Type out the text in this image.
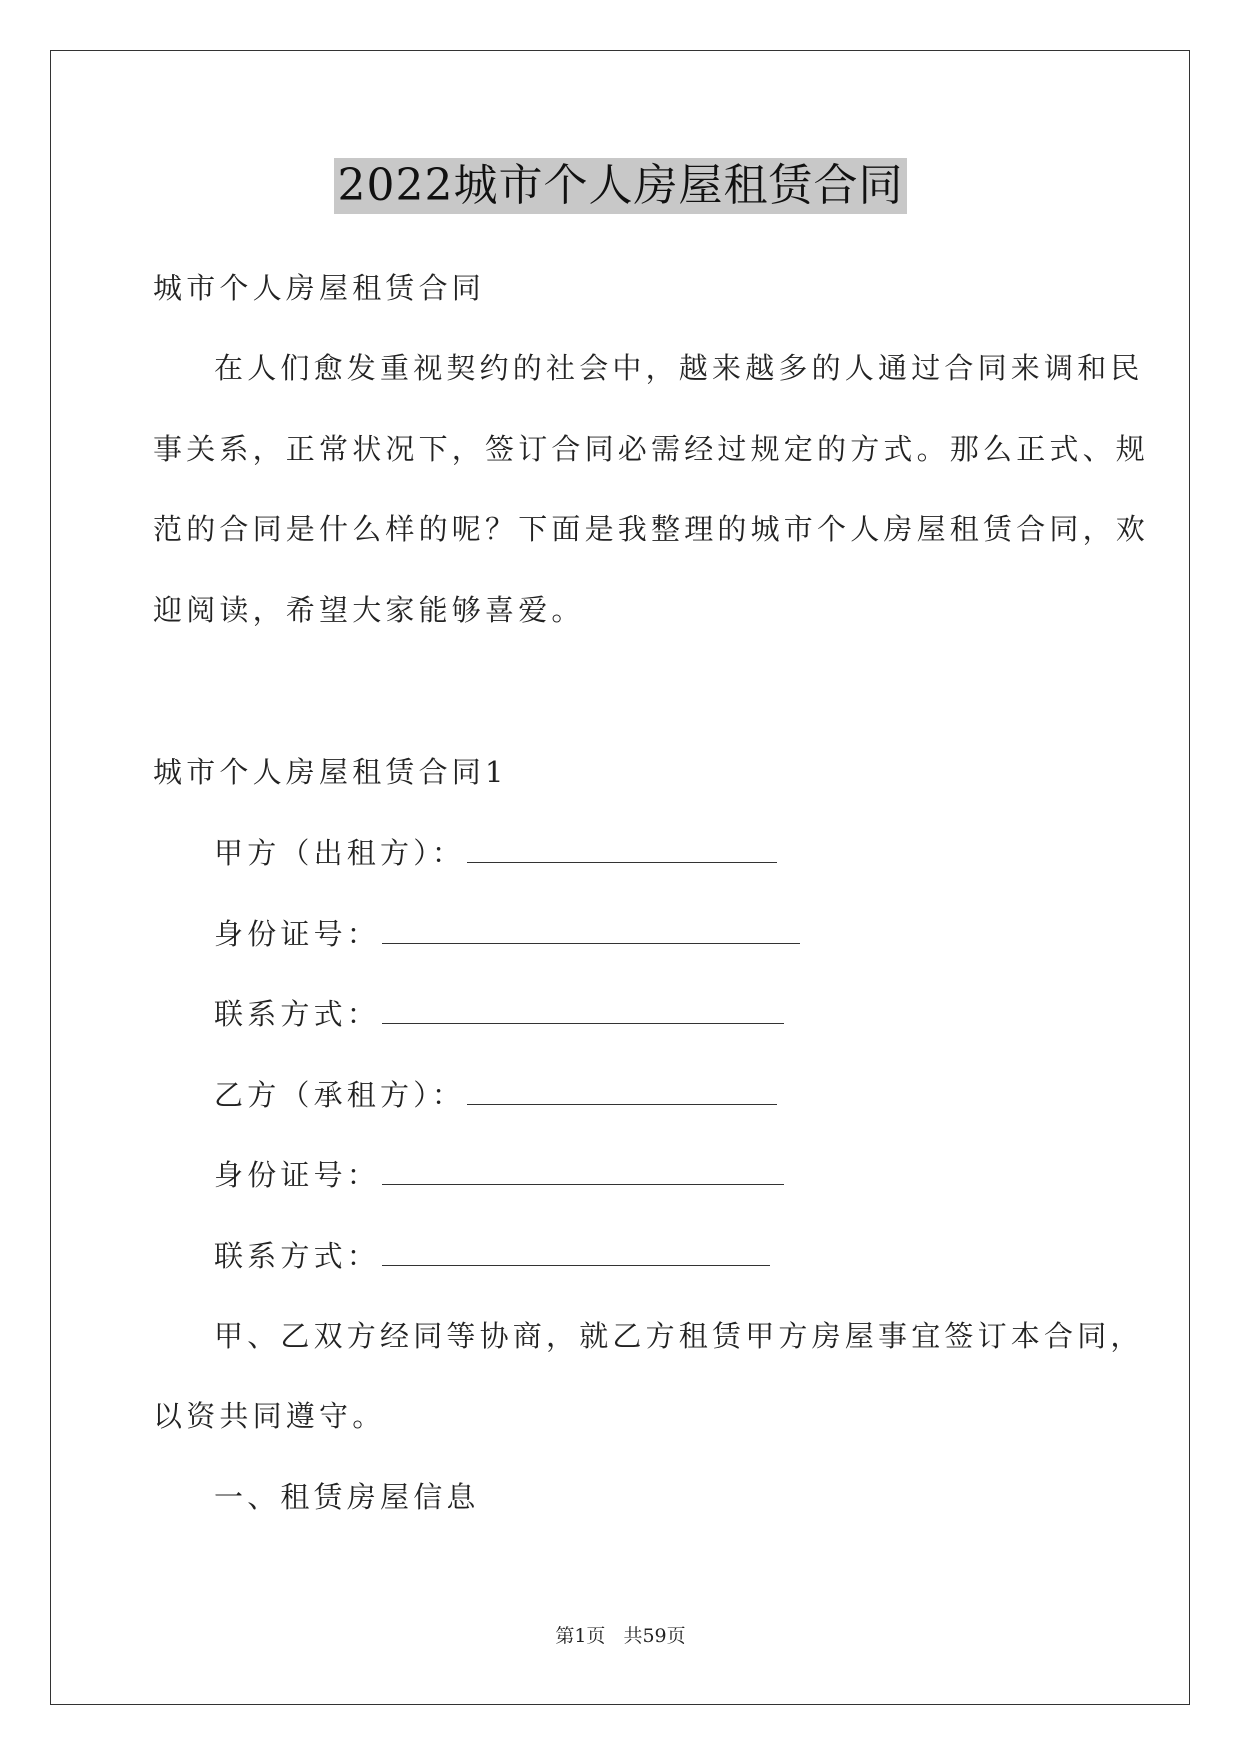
2022城市个人房屋租赁合同
城市个人房屋租赁合同
在人们愈发重视契约的社会中，越来越多的人通过合同来调和民
事关系，正常状况下，签订合同必需经过规定的方式。那么正式、规
范的合同是什么样的呢？下面是我整理的城市个人房屋租赁合同，欢
迎阅读，希望大家能够喜爱。
城市个人房屋租赁合同1
甲方（出租方）：
身份证号：
联系方式：
乙方（承租方）：
身份证号：
联系方式：
甲、乙双方经同等协商，就乙方租赁甲方房屋事宜签订本合同，
以资共同遵守。
一、租赁房屋信息
第1页 共59页
